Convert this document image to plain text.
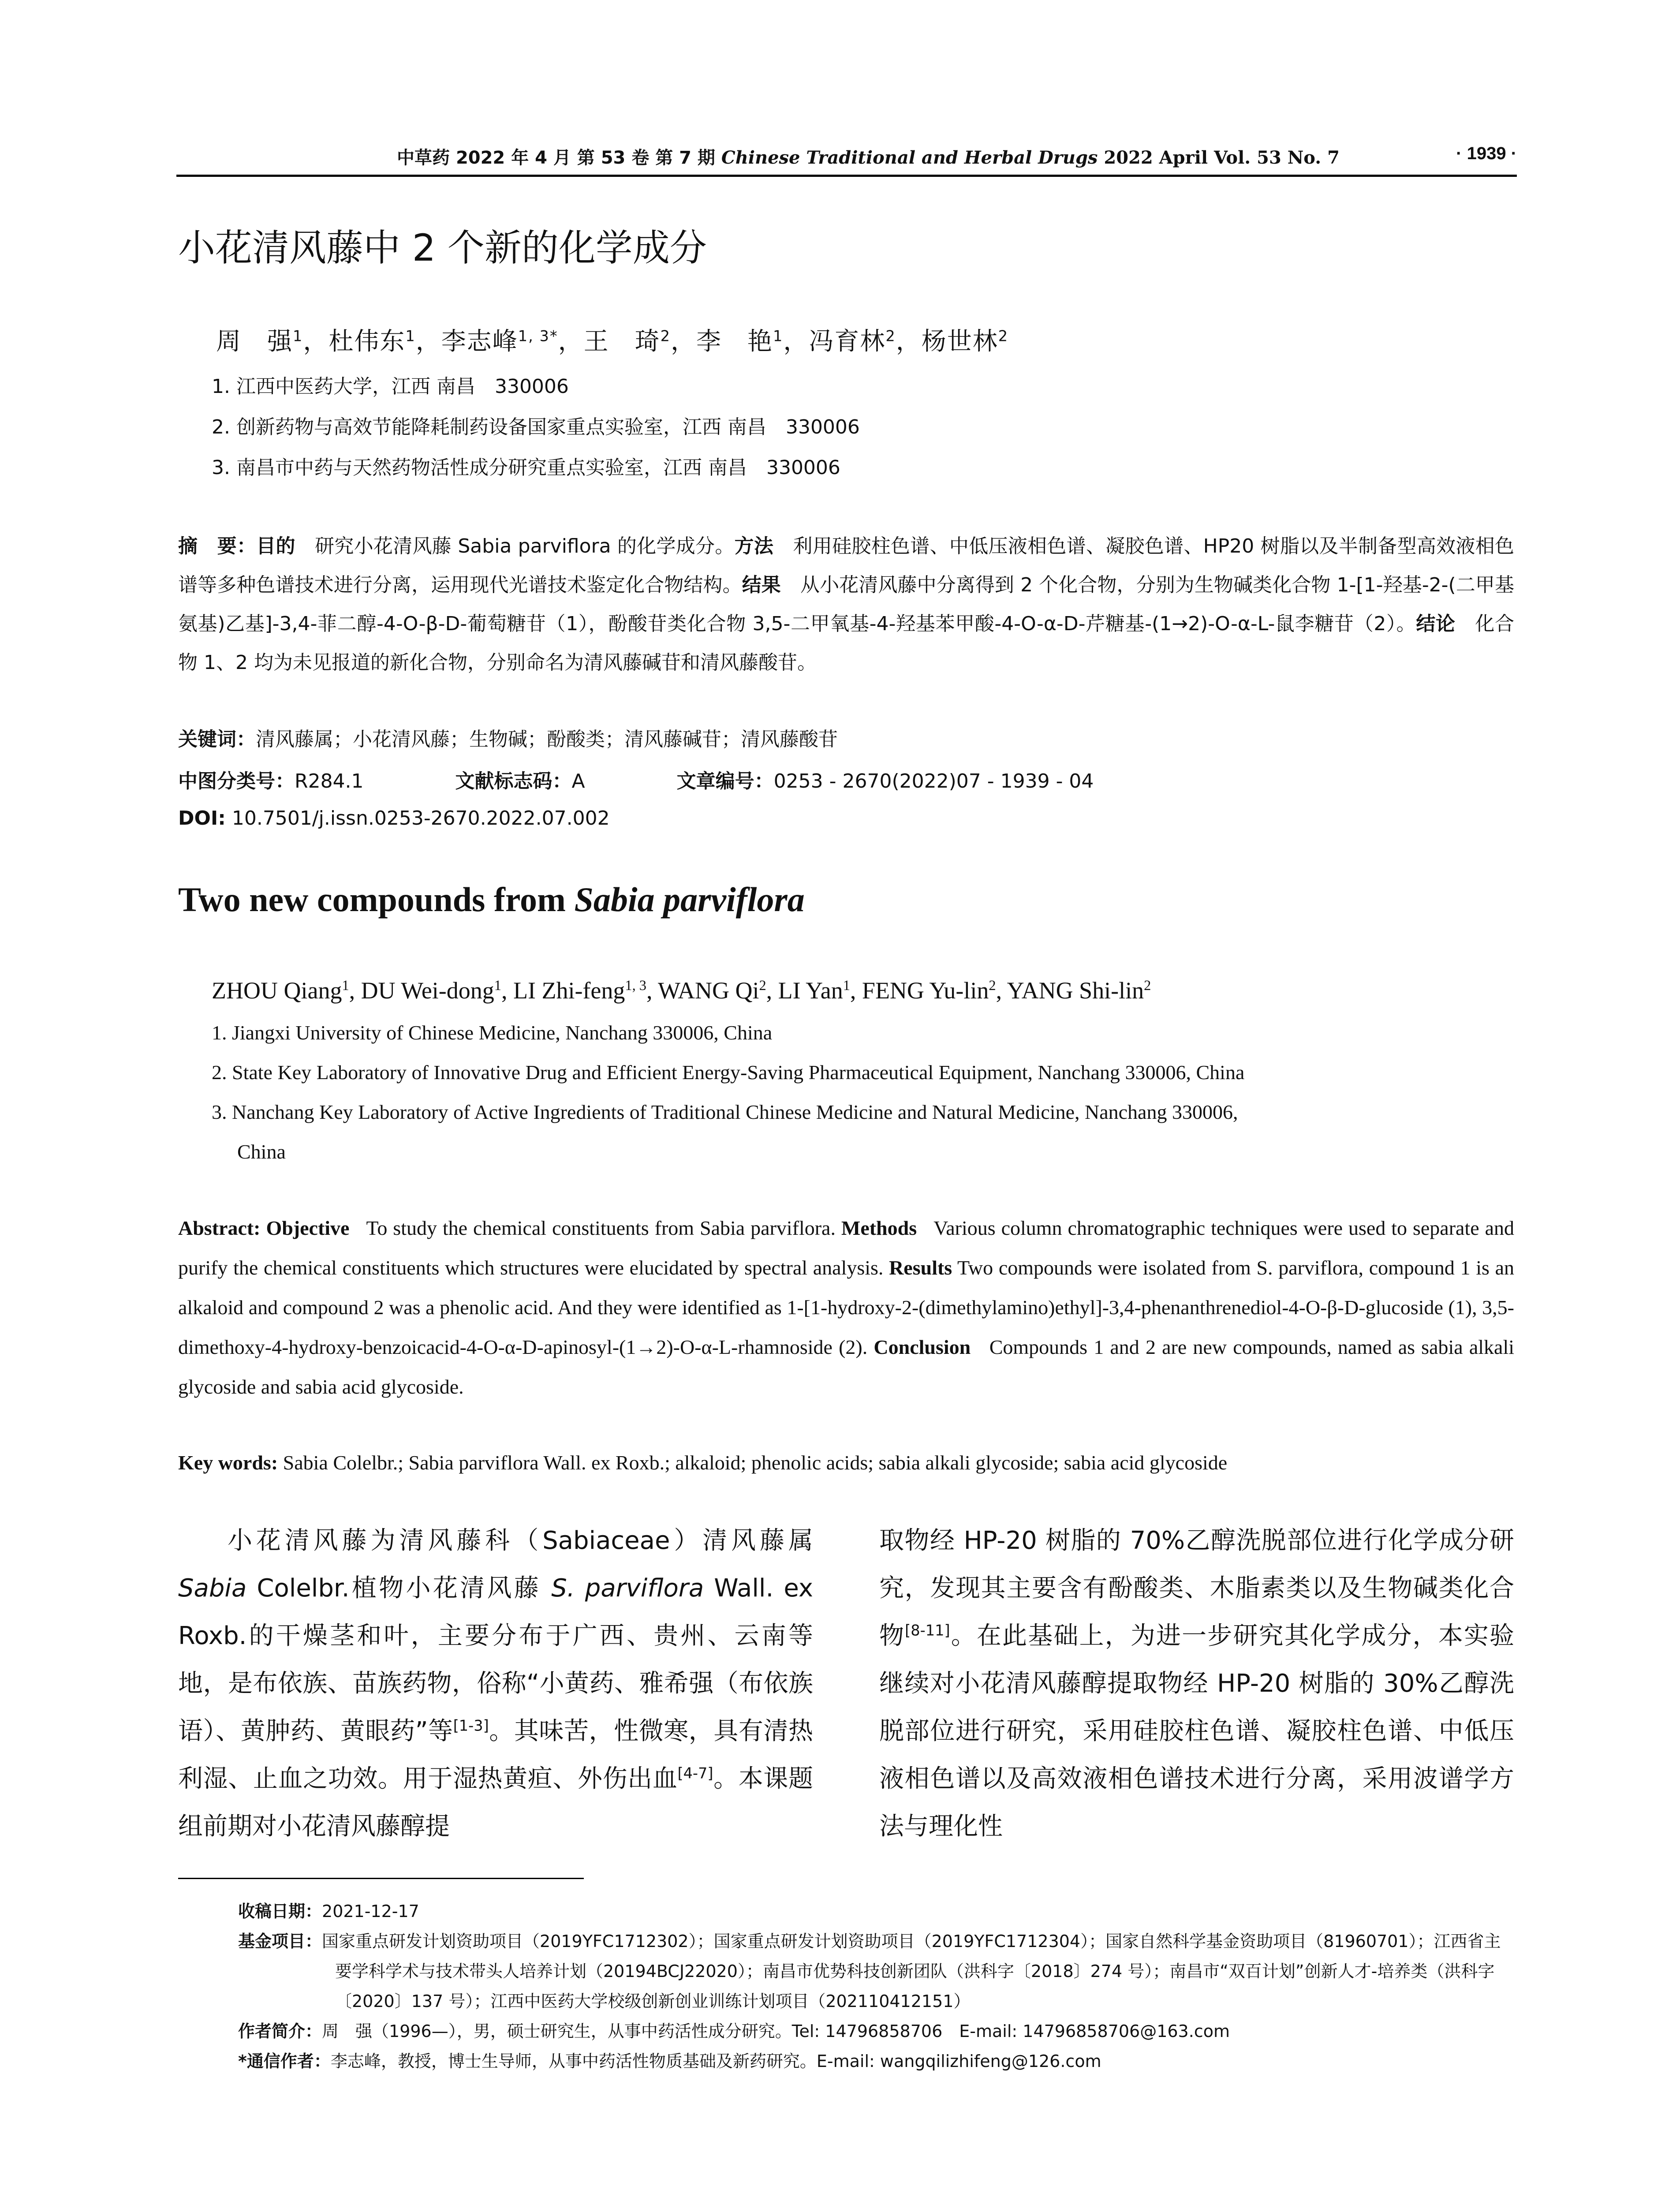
中草药 2022 年 4 月 第 53 卷 第 7 期 Chinese Traditional and Herbal Drugs 2022 April Vol. 53 No. 7	· 1939 ·
小花清风藤中 2 个新的化学成分
周　强$^1$，杜伟东$^1$，李志峰$^{1, 3*}$，王　琦$^2$，李　艳$^1$，冯育林$^2$，杨世林$^2$
1. 江西中医药大学，江西 南昌　330006
2. 创新药物与高效节能降耗制药设备国家重点实验室，江西 南昌　330006
3. 南昌市中药与天然药物活性成分研究重点实验室，江西 南昌　330006
摘　要：目的　 研究小花清风藤 Sabia parviflora 的化学成分。方法　 利用硅胶柱色谱、中低压液相色谱、凝胶色谱、HP20 树脂以及半制备型高效液相色谱等多种色谱技术进行分离，运用现代光谱技术鉴定化合物结构。结果　 从小花清风藤中分离得到 2 个化合物，分别为生物碱类化合物 1-[1-羟基-2-(二甲基氨基)乙基]-3,4-菲二醇-4-O-β-D-葡萄糖苷（1），酚酸苷类化合物 3,5-二甲氧基-4-羟基苯甲酸-4-O-α-D-芹糖基-(1→2)-O-α-L-鼠李糖苷（2）。结论　 化合物 1、2 均为未见报道的新化合物，分别命名为清风藤碱苷和清风藤酸苷。
关键词：清风藤属；小花清风藤；生物碱；酚酸类；清风藤碱苷；清风藤酸苷
中图分类号：R284.1	文献标志码：A	文章编号：0253 - 2670(2022)07 - 1939 - 04
DOI: 10.7501/j.issn.0253-2670.2022.07.002
Two new compounds from Sabia parviflora
ZHOU Qiang$^1$, DU Wei-dong$^1$, LI Zhi-feng$^{1, 3}$, WANG Qi$^2$, LI Yan$^1$, FENG Yu-lin$^2$, YANG Shi-lin$^2$
1. Jiangxi University of Chinese Medicine, Nanchang 330006, China
2. State Key Laboratory of Innovative Drug and Efficient Energy-Saving Pharmaceutical Equipment, Nanchang 330006, China
3. Nanchang Key Laboratory of Active Ingredients of Traditional Chinese Medicine and Natural Medicine, Nanchang 330006,
China
Abstract: Objective To study the chemical constituents from Sabia parviflora. Methods Various column chromatographic techniques were used to separate and purify the chemical constituents which structures were elucidated by spectral analysis. Results Two compounds were isolated from S. parviflora, compound 1 is an alkaloid and compound 2 was a phenolic acid. And they were identified as 1-[1-hydroxy-2-(dimethylamino)ethyl]-3,4-phenanthrenediol-4-O-β-D-glucoside (1), 3,5-dimethoxy-4-hydroxy-benzoicacid-4-O-α-D-apinosyl-(1→2)-O-α-L-rhamnoside (2). Conclusion Compounds 1 and 2 are new compounds, named as sabia alkali glycoside and sabia acid glycoside.
Key words: Sabia Colelbr.; Sabia parviflora Wall. ex Roxb.; alkaloid; phenolic acids; sabia alkali glycoside; sabia acid glycoside

小花清风藤为清风藤科（Sabiaceae）清风藤属 Sabia Colelbr.植物小花清风藤 S. parviflora Wall. ex Roxb.的干燥茎和叶，主要分布于广西、贵州、云南等地，是布依族、苗族药物，俗称“小黄药、雅希强（布依族语）、黄肿药、黄眼药”等[1-3]。其味苦，性微寒，具有清热利湿、止血之功效。用于湿热黄疸、外伤出血[4-7]。本课题组前期对小花清风藤醇提

取物经 HP-20 树脂的 70%乙醇洗脱部位进行化学成分研究，发现其主要含有酚酸类、木脂素类以及生物碱类化合物[8-11]。在此基础上，为进一步研究其化学成分，本实验继续对小花清风藤醇提取物经 HP-20 树脂的 30%乙醇洗脱部位进行研究，采用硅胶柱色谱、凝胶柱色谱、中低压液相色谱以及高效液相色谱技术进行分离，采用波谱学方法与理化性

收稿日期：2021-12-17
基金项目：国家重点研发计划资助项目（2019YFC1712302）；国家重点研发计划资助项目（2019YFC1712304）；国家自然科学基金资助项目（81960701）；江西省主要学科学术与技术带头人培养计划（20194BCJ22020）；南昌市优势科技创新团队（洪科字〔2018〕274 号）；南昌市“双百计划”创新人才-培养类（洪科字〔2020〕137 号）；江西中医药大学校级创新创业训练计划项目（202110412151）
作者简介：周　强（1996—），男，硕士研究生，从事中药活性成分研究。Tel: 14796858706　E-mail: 14796858706@163.com
*通信作者：李志峰，教授，博士生导师，从事中药活性物质基础及新药研究。E-mail: wangqilizhifeng@126.com
